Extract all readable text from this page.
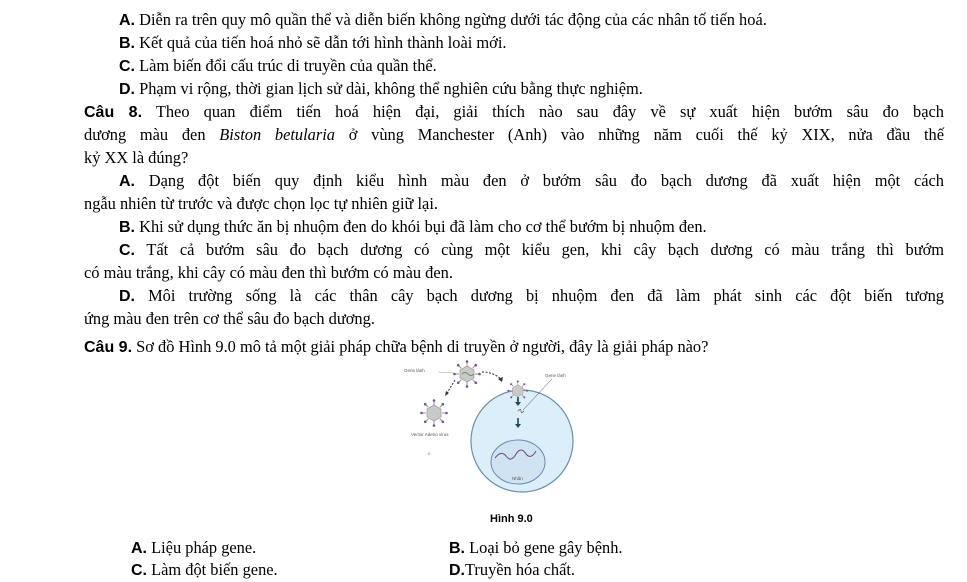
A. Diễn ra trên quy mô quần thể và diễn biến không ngừng dưới tác động của các nhân tố tiến hoá.
B. Kết quả của tiến hoá nhỏ sẽ dẫn tới hình thành loài mới.
C. Làm biến đổi cấu trúc di truyền của quần thể.
D. Phạm vi rộng, thời gian lịch sử dài, không thể nghiên cứu bằng thực nghiệm.
Câu 8. Theo quan điểm tiến hoá hiện đại, giải thích nào sau đây về sự xuất hiện bướm sâu đo bạch
dương màu đen Biston betularia ở vùng Manchester (Anh) vào những năm cuối thế kỷ XIX, nửa đầu thế
kỷ XX là đúng?
A. Dạng đột biến quy định kiểu hình màu đen ở bướm sâu đo bạch dương đã xuất hiện một cách
ngẫu nhiên từ trước và được chọn lọc tự nhiên giữ lại.
B. Khi sử dụng thức ăn bị nhuộm đen do khói bụi đã làm cho cơ thể bướm bị nhuộm đen.
C. Tất cả bướm sâu đo bạch dương có cùng một kiểu gen, khi cây bạch dương có màu trắng thì bướm
có màu trắng, khi cây có màu đen thì bướm có màu đen.
D. Môi trường sống là các thân cây bạch dương bị nhuộm đen đã làm phát sinh các đột biến tương
ứng màu đen trên cơ thể sâu đo bạch dương.
Câu 9. Sơ đồ Hình 9.0 mô tả một giải pháp chữa bệnh di truyền ở người, đây là giải pháp nào?
Gene lành
Vector Adeno virus
c
Gene lành
Nhân
Hình 9.0
A. Liệu pháp gene.	B. Loại bỏ gene gây bệnh.
C. Làm đột biến gene.	D.Truyền hóa chất.
